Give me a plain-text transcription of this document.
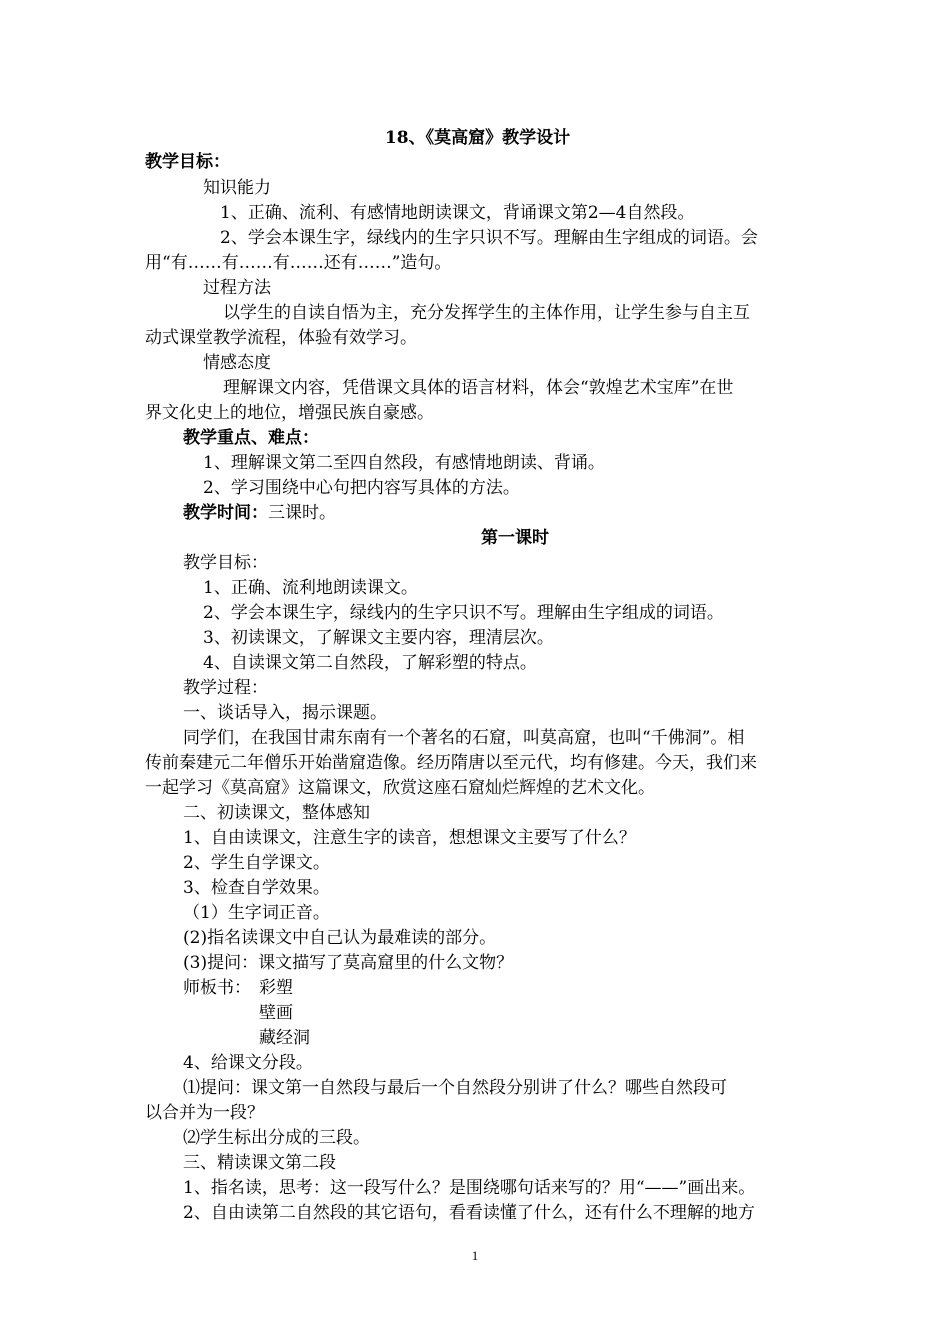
18、《莫高窟》教学设计
教学目标：
知识能力
1、正确、流利、有感情地朗读课文，背诵课文第2—4自然段。
2、学会本课生字，绿线内的生字只识不写。理解由生字组成的词语。会
用“有……有……有……还有……”造句。
过程方法
以学生的自读自悟为主，充分发挥学生的主体作用，让学生参与自主互
动式课堂教学流程，体验有效学习。
情感态度
理解课文内容，凭借课文具体的语言材料，体会“敦煌艺术宝库”在世
界文化史上的地位，增强民族自豪感。
教学重点、难点：
1、理解课文第二至四自然段，有感情地朗读、背诵。
2、学习围绕中心句把内容写具体的方法。
教学时间：三课时。
第一课时
教学目标：
1、正确、流利地朗读课文。
2、学会本课生字，绿线内的生字只识不写。理解由生字组成的词语。
3、初读课文，了解课文主要内容，理清层次。
4、自读课文第二自然段，了解彩塑的特点。
教学过程：
一、谈话导入，揭示课题。
同学们，在我国甘肃东南有一个著名的石窟，叫莫高窟，也叫“千佛洞”。相
传前秦建元二年僧乐开始凿窟造像。经历隋唐以至元代，均有修建。今天，我们来
一起学习《莫高窟》这篇课文，欣赏这座石窟灿烂辉煌的艺术文化。
二、初读课文，整体感知
1、自由读课文，注意生字的读音，想想课文主要写了什么？
2、学生自学课文。
3、检查自学效果。
（1）生字词正音。
(2)指名读课文中自己认为最难读的部分。
(3)提问：课文描写了莫高窟里的什么文物？
师板书： 彩塑
壁画
藏经洞
4、给课文分段。
⑴提问：课文第一自然段与最后一个自然段分别讲了什么？哪些自然段可
以合并为一段？
⑵学生标出分成的三段。
三、精读课文第二段
1、指名读，思考：这一段写什么？是围绕哪句话来写的？用“——”画出来。
2、自由读第二自然段的其它语句，看看读懂了什么，还有什么不理解的地方
1
